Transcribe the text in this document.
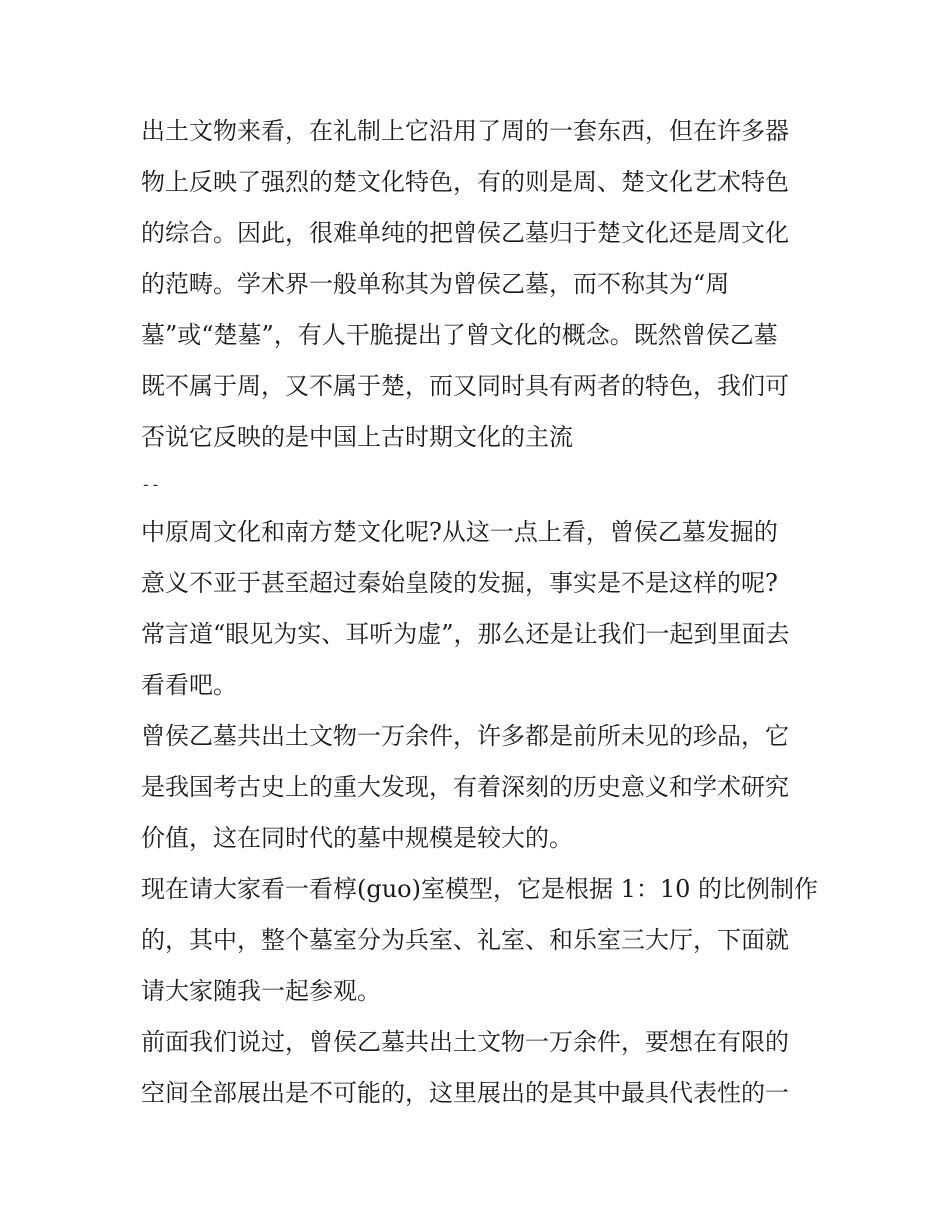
出土文物来看，在礼制上它沿用了周的一套东西，但在许多器
物上反映了强烈的楚文化特色，有的则是周、楚文化艺术特色
的综合。因此，很难单纯的把曾侯乙墓归于楚文化还是周文化
的范畴。学术界一般单称其为曾侯乙墓，而不称其为“周
墓”或“楚墓”，有人干脆提出了曾文化的概念。既然曾侯乙墓
既不属于周，又不属于楚，而又同时具有两者的特色，我们可
否说它反映的是中国上古时期文化的主流
--
中原周文化和南方楚文化呢?从这一点上看，曾侯乙墓发掘的
意义不亚于甚至超过秦始皇陵的发掘，事实是不是这样的呢?
常言道“眼见为实、耳听为虚”，那么还是让我们一起到里面去
看看吧。
曾侯乙墓共出土文物一万余件，许多都是前所未见的珍品，它
是我国考古史上的重大发现，有着深刻的历史意义和学术研究
价值，这在同时代的墓中规模是较大的。
现在请大家看一看椁(guo)室模型，它是根据 1：10 的比例制作
的，其中，整个墓室分为兵室、礼室、和乐室三大厅，下面就
请大家随我一起参观。
前面我们说过，曾侯乙墓共出土文物一万余件，要想在有限的
空间全部展出是不可能的，这里展出的是其中最具代表性的一
